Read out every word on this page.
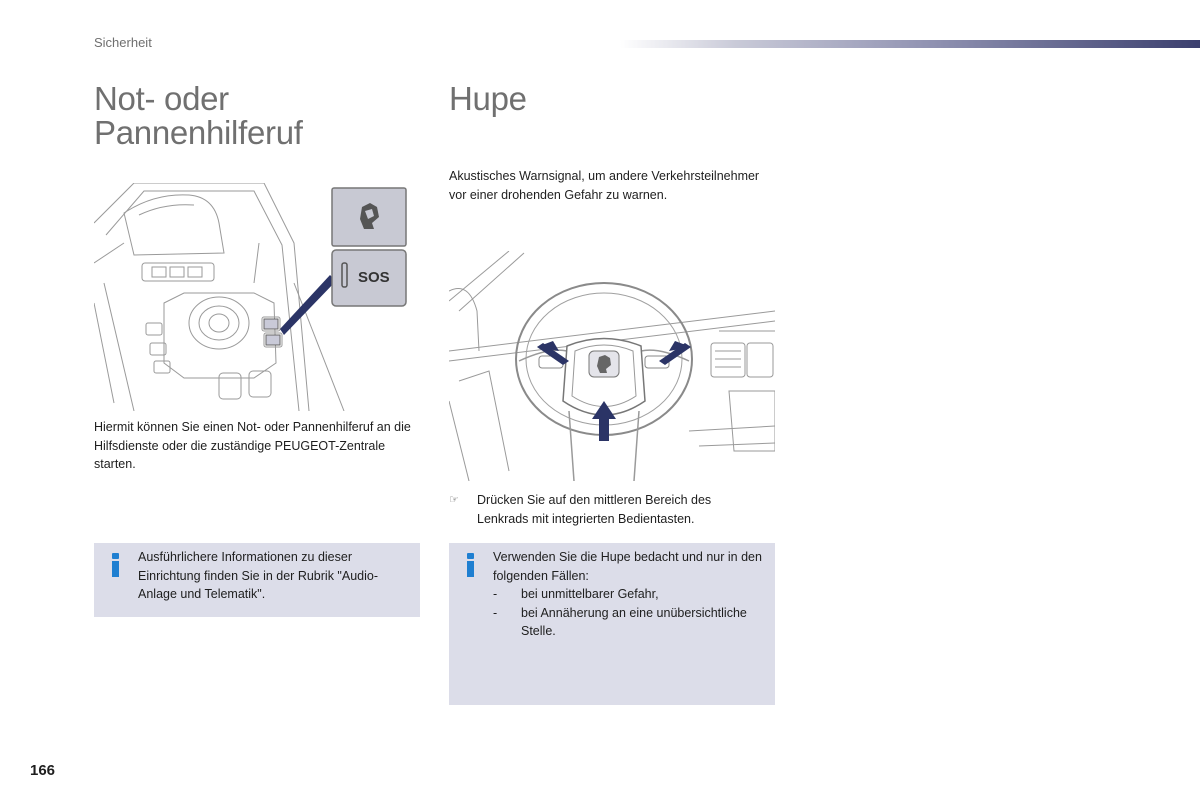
Sicherheit
Not- oder Pannenhilferuf
SOS

Hiermit können Sie einen Not- oder Pannenhilferuf an die Hilfsdienste oder die zuständige PEUGEOT-Zentrale starten.

Ausführlichere Informationen zu dieser Einrichtung finden Sie in der Rubrik "Audio-Anlage und Telematik".

Hupe

Akustisches Warnsignal, um andere Verkehrsteilnehmer vor einer drohenden Gefahr zu warnen.

☞	Drücken Sie auf den mittleren Bereich des Lenkrads mit integrierten Bedientasten.

Verwenden Sie die Hupe bedacht und nur in den folgenden Fällen:

-	bei unmittelbarer Gefahr,
-	bei Annäherung an eine unübersichtliche Stelle.
166
